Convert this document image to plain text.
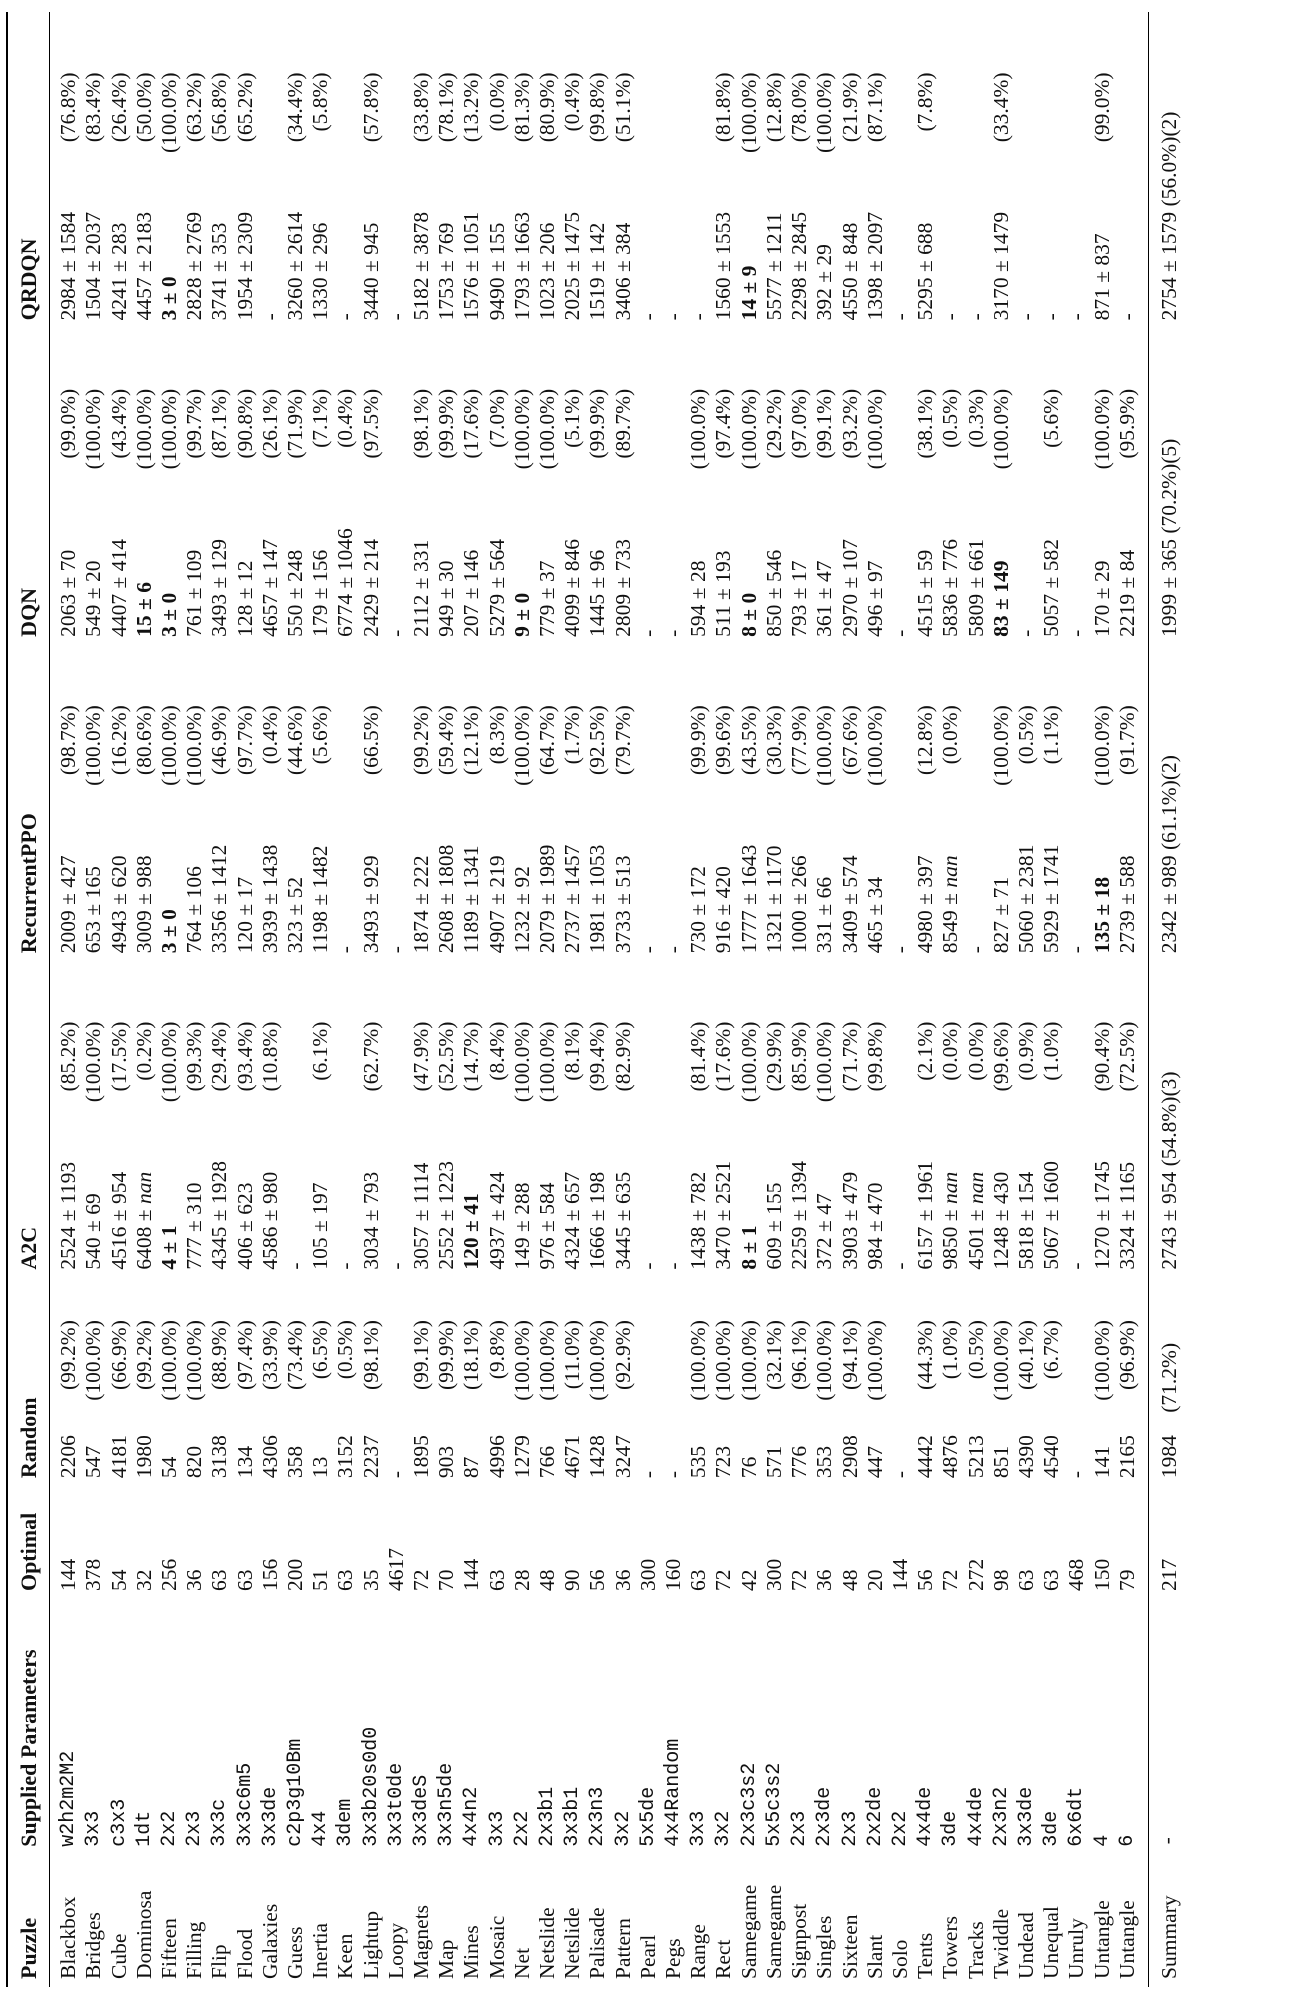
Puzzle	Supplied Parameters	Optimal	Random	A2C	RecurrentPPO	DQN	QRDQN
Blackbox	w2h2m2M2	144	2206(99.2%)	2524 ± 1193(85.2%)	2009 ± 427(98.7%)	2063 ± 70(99.0%)	2984 ± 1584(76.8%)
Bridges	3x3	378	547(100.0%)	540 ± 69(100.0%)	653 ± 165(100.0%)	549 ± 20(100.0%)	1504 ± 2037(83.4%)
Cube	c3x3	54	4181(66.9%)	4516 ± 954(17.5%)	4943 ± 620(16.2%)	4407 ± 414(43.4%)	4241 ± 283(26.4%)
Dominosa	1dt	32	1980(99.2%)	6408 ± nan(0.2%)	3009 ± 988(80.6%)	15 ± 6(100.0%)	4457 ± 2183(50.0%)
Fifteen	2x2	256	54(100.0%)	4 ± 1(100.0%)	3 ± 0(100.0%)	3 ± 0(100.0%)	3 ± 0(100.0%)
Filling	2x3	36	820(100.0%)	777 ± 310(99.3%)	764 ± 106(100.0%)	761 ± 109(99.7%)	2828 ± 2769(63.2%)
Flip	3x3c	63	3138(88.9%)	4345 ± 1928(29.4%)	3356 ± 1412(46.9%)	3493 ± 129(87.1%)	3741 ± 353(56.8%)
Flood	3x3c6m5	63	134(97.4%)	406 ± 623(93.4%)	120 ± 17(97.7%)	128 ± 12(90.8%)	1954 ± 2309(65.2%)
Galaxies	3x3de	156	4306(33.9%)	4586 ± 980(10.8%)	3939 ± 1438(0.4%)	4657 ± 147(26.1%)	-
Guess	c2p3g10Bm	200	358(73.4%)	-	323 ± 52(44.6%)	550 ± 248(71.9%)	3260 ± 2614(34.4%)
Inertia	4x4	51	13(6.5%)	105 ± 197(6.1%)	1198 ± 1482(5.6%)	179 ± 156(7.1%)	1330 ± 296(5.8%)
Keen	3dem	63	3152(0.5%)	-	-	6774 ± 1046(0.4%)	-
Lightup	3x3b20s0d0	35	2237(98.1%)	3034 ± 793(62.7%)	3493 ± 929(66.5%)	2429 ± 214(97.5%)	3440 ± 945(57.8%)
Loopy	3x3t0de	4617	-	-	-	-	-
Magnets	3x3deS	72	1895(99.1%)	3057 ± 1114(47.9%)	1874 ± 222(99.2%)	2112 ± 331(98.1%)	5182 ± 3878(33.8%)
Map	3x3n5de	70	903(99.9%)	2552 ± 1223(52.5%)	2608 ± 1808(59.4%)	949 ± 30(99.9%)	1753 ± 769(78.1%)
Mines	4x4n2	144	87(18.1%)	120 ± 41(14.7%)	1189 ± 1341(12.1%)	207 ± 146(17.6%)	1576 ± 1051(13.2%)
Mosaic	3x3	63	4996(9.8%)	4937 ± 424(8.4%)	4907 ± 219(8.3%)	5279 ± 564(7.0%)	9490 ± 155(0.0%)
Net	2x2	28	1279(100.0%)	149 ± 288(100.0%)	1232 ± 92(100.0%)	9 ± 0(100.0%)	1793 ± 1663(81.3%)
Netslide	2x3b1	48	766(100.0%)	976 ± 584(100.0%)	2079 ± 1989(64.7%)	779 ± 37(100.0%)	1023 ± 206(80.9%)
Netslide	3x3b1	90	4671(11.0%)	4324 ± 657(8.1%)	2737 ± 1457(1.7%)	4099 ± 846(5.1%)	2025 ± 1475(0.4%)
Palisade	2x3n3	56	1428(100.0%)	1666 ± 198(99.4%)	1981 ± 1053(92.5%)	1445 ± 96(99.9%)	1519 ± 142(99.8%)
Pattern	3x2	36	3247(92.9%)	3445 ± 635(82.9%)	3733 ± 513(79.7%)	2809 ± 733(89.7%)	3406 ± 384(51.1%)
Pearl	5x5de	300	-	-	-	-	-
Pegs	4x4Random	160	-	-	-	-	-
Range	3x3	63	535(100.0%)	1438 ± 782(81.4%)	730 ± 172(99.9%)	594 ± 28(100.0%)	-
Rect	3x2	72	723(100.0%)	3470 ± 2521(17.6%)	916 ± 420(99.6%)	511 ± 193(97.4%)	1560 ± 1553(81.8%)
Samegame	2x3c3s2	42	76(100.0%)	8 ± 1(100.0%)	1777 ± 1643(43.5%)	8 ± 0(100.0%)	14 ± 9(100.0%)
Samegame	5x5c3s2	300	571(32.1%)	609 ± 155(29.9%)	1321 ± 1170(30.3%)	850 ± 546(29.2%)	5577 ± 1211(12.8%)
Signpost	2x3	72	776(96.1%)	2259 ± 1394(85.9%)	1000 ± 266(77.9%)	793 ± 17(97.0%)	2298 ± 2845(78.0%)
Singles	2x3de	36	353(100.0%)	372 ± 47(100.0%)	331 ± 66(100.0%)	361 ± 47(99.1%)	392 ± 29(100.0%)
Sixteen	2x3	48	2908(94.1%)	3903 ± 479(71.7%)	3409 ± 574(67.6%)	2970 ± 107(93.2%)	4550 ± 848(21.9%)
Slant	2x2de	20	447(100.0%)	984 ± 470(99.8%)	465 ± 34(100.0%)	496 ± 97(100.0%)	1398 ± 2097(87.1%)
Solo	2x2	144	-	-	-	-	-
Tents	4x4de	56	4442(44.3%)	6157 ± 1961(2.1%)	4980 ± 397(12.8%)	4515 ± 59(38.1%)	5295 ± 688(7.8%)
Towers	3de	72	4876(1.0%)	9850 ± nan(0.0%)	8549 ± nan(0.0%)	5836 ± 776(0.5%)	-
Tracks	4x4de	272	5213(0.5%)	4501 ± nan(0.0%)	-	5809 ± 661(0.3%)	-
Twiddle	2x3n2	98	851(100.0%)	1248 ± 430(99.6%)	827 ± 71(100.0%)	83 ± 149(100.0%)	3170 ± 1479(33.4%)
Undead	3x3de	63	4390(40.1%)	5818 ± 154(0.9%)	5060 ± 2381(0.5%)	-	-
Unequal	3de	63	4540(6.7%)	5067 ± 1600(1.0%)	5929 ± 1741(1.1%)	5057 ± 582(5.6%)	-
Unruly	6x6dt	468	-	-	-	-	-
Untangle	4	150	141(100.0%)	1270 ± 1745(90.4%)	135 ± 18(100.0%)	170 ± 29(100.0%)	871 ± 837(99.0%)
Untangle	6	79	2165(96.9%)	3324 ± 1165(72.5%)	2739 ± 588(91.7%)	2219 ± 84(95.9%)	-
Summary	-	217	1984 (71.2%)	2743 ± 954 (54.8%)(3)	2342 ± 989 (61.1%)(2)	1999 ± 365 (70.2%)(5)	2754 ± 1579 (56.0%)(2)
